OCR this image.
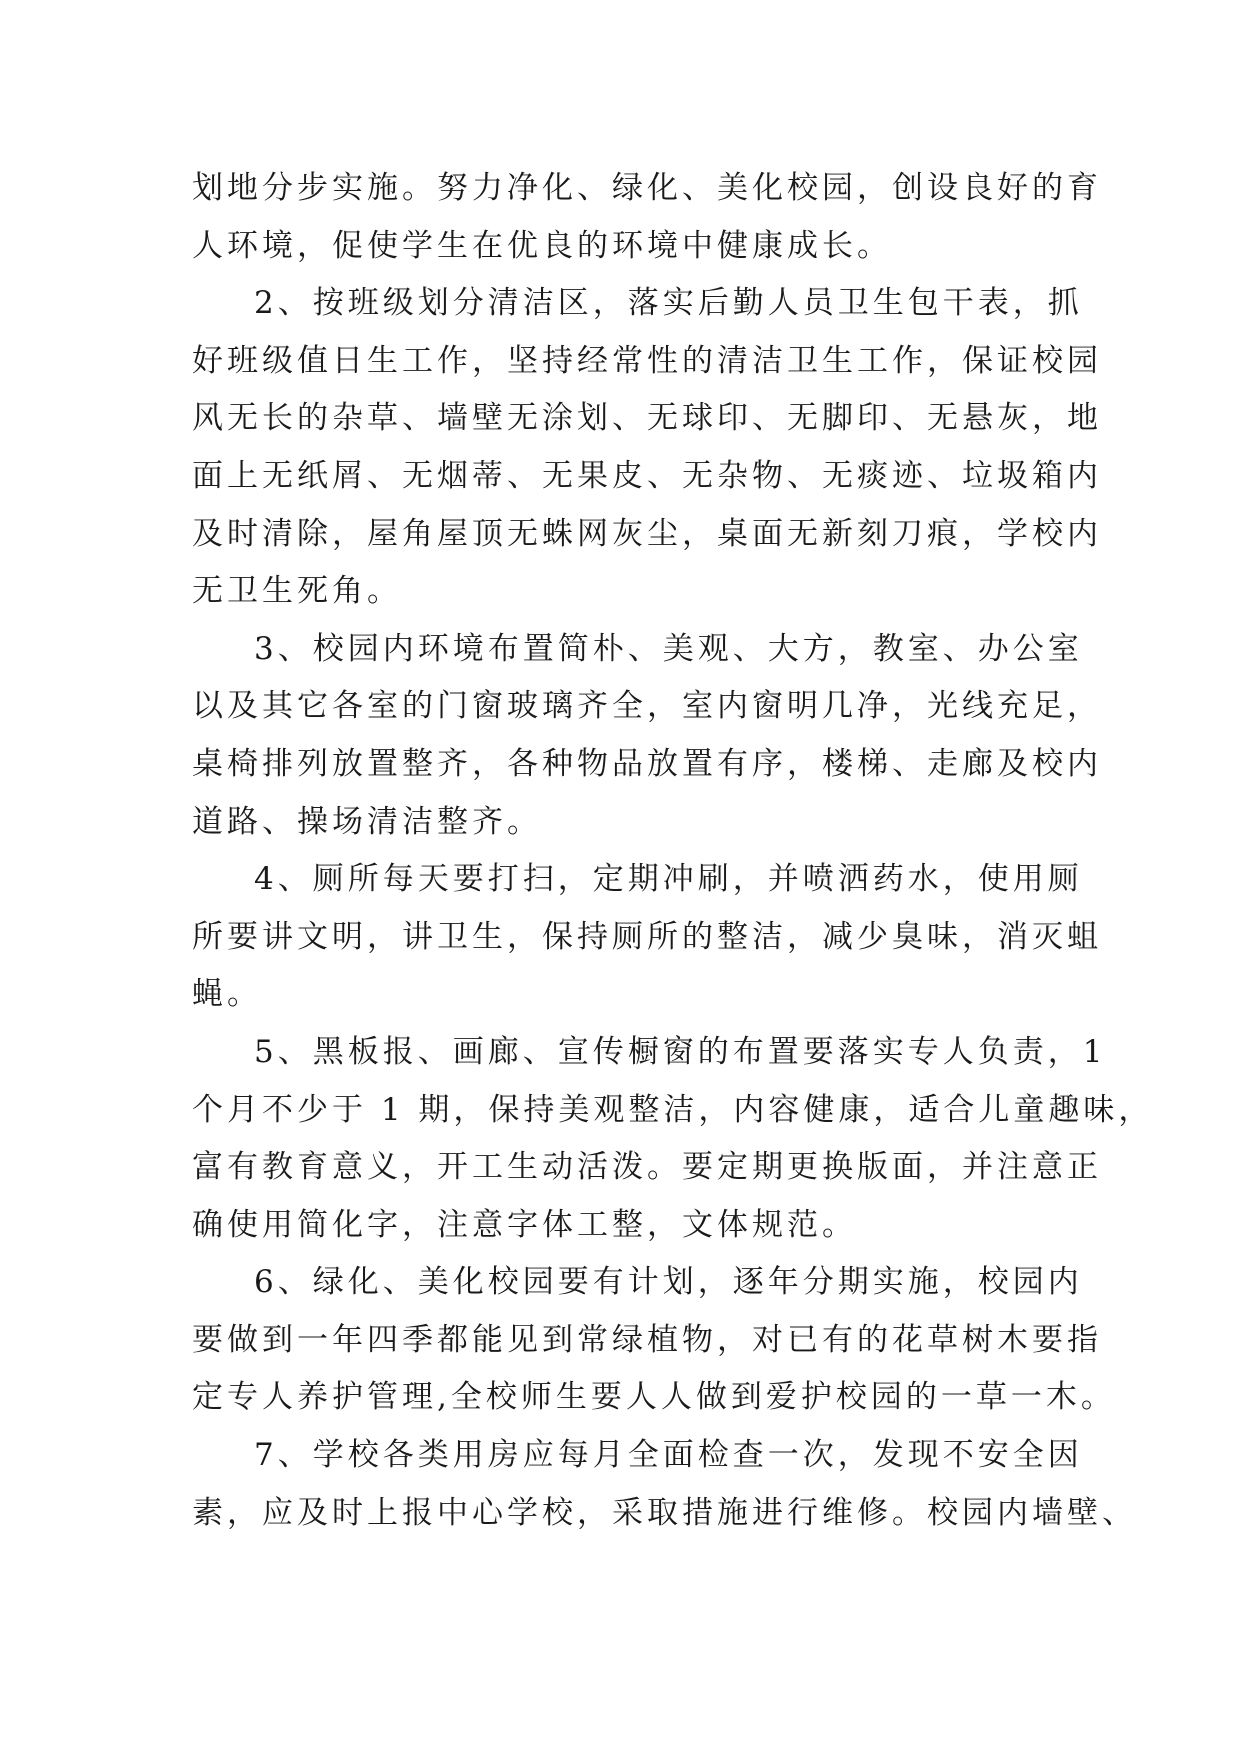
划地分步实施。努力净化、绿化、美化校园，创设良好的育
人环境，促使学生在优良的环境中健康成长。
2、按班级划分清洁区，落实后勤人员卫生包干表，抓
好班级值日生工作，坚持经常性的清洁卫生工作，保证校园
风无长的杂草、墙壁无涂划、无球印、无脚印、无悬灰，地
面上无纸屑、无烟蒂、无果皮、无杂物、无痰迹、垃圾箱内
及时清除，屋角屋顶无蛛网灰尘，桌面无新刻刀痕，学校内
无卫生死角。
3、校园内环境布置简朴、美观、大方，教室、办公室
以及其它各室的门窗玻璃齐全，室内窗明几净，光线充足，
桌椅排列放置整齐，各种物品放置有序，楼梯、走廊及校内
道路、操场清洁整齐。
4、厕所每天要打扫，定期冲刷，并喷洒药水，使用厕
所要讲文明，讲卫生，保持厕所的整洁，减少臭味，消灭蛆
蝇。
5、黑板报、画廊、宣传橱窗的布置要落实专人负责，1
个月不少于 1 期，保持美观整洁，内容健康，适合儿童趣味，
富有教育意义，开工生动活泼。要定期更换版面，并注意正
确使用简化字，注意字体工整，文体规范。
6、绿化、美化校园要有计划，逐年分期实施，校园内
要做到一年四季都能见到常绿植物，对已有的花草树木要指
定专人养护管理,全校师生要人人做到爱护校园的一草一木。
7、学校各类用房应每月全面检查一次，发现不安全因
素，应及时上报中心学校，采取措施进行维修。校园内墙壁、
